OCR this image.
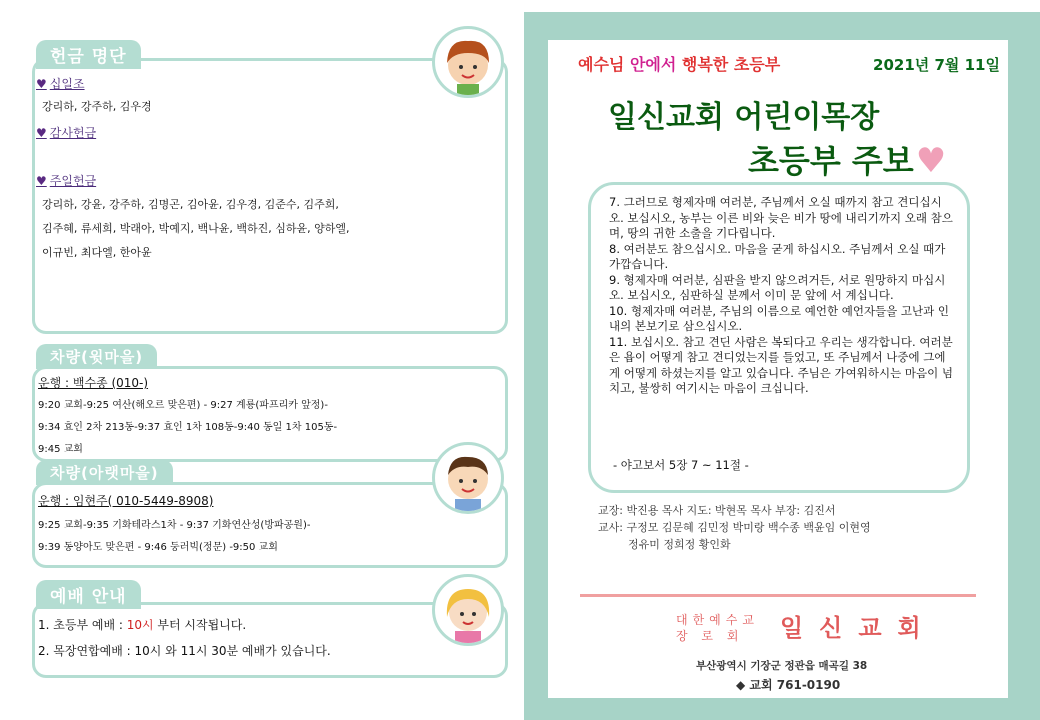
헌금 명단
♥ 십일조
강리하, 강주하, 김우경
♥ 감사헌금
♥ 주일헌금
강리하, 강윤, 강주하, 김명곤, 김아윤, 김우경, 김준수, 김주희,
김주혜, 류세희, 박래아, 박예지, 백나윤, 백하진, 심하윤, 양하엘,
이규빈, 최다엘, 한아윤
차량(윗마을)
운행 : 백수종 (010-)
9:20 교회-9:25 여산(해오르 맞은편) - 9:27 계룡(파프리카 앞정)-
9:34 효인 2차 213동-9:37 효인 1차 108동-9:40 동일 1차 105동-
9:45 교회
차량(아랫마을)
운행 : 임현주( 010-5449-8908)
9:25 교회-9:35 기화테라스1차 - 9:37 기화연산성(방파공원)-
9:39 동양아도 맞은편 - 9:46 둥러빅(정문) -9:50 교회
예배 안내
1. 초등부 예배 : 10시 부터 시작됩니다.
2. 목장연합예배 : 10시 와 11시 30분 예배가 있습니다.
예수님 안에서 행복한 초등부	2021년 7월 11일
일신교회 어린이목장
초등부 주보♥
7. 그러므로 형제자매 여러분, 주님께서 오실 때까지 참고 견디십시오. 보십시오, 농부는 이른 비와 늦은 비가 땅에 내리기까지 오래 참으며, 땅의 귀한 소출을 기다립니다.
8. 여러분도 참으십시오. 마음을 굳게 하십시오. 주님께서 오실 때가 가깝습니다.
9. 형제자매 여러분, 심판을 받지 않으려거든, 서로 원망하지 마십시오. 보십시오, 심판하실 분께서 이미 문 앞에 서 계십니다.
10. 형제자매 여러분, 주님의 이름으로 예언한 예언자들을 고난과 인내의 본보기로 삼으십시오.
11. 보십시오. 참고 견딘 사람은 복되다고 우리는 생각합니다. 여러분은 욥이 어떻게 참고 견디었는지를 들었고, 또 주님께서 나중에 그에게 어떻게 하셨는지를 알고 있습니다. 주님은 가여워하시는 마음이 넘치고, 불쌍히 여기시는 마음이 크십니다.
- 야고보서 5장 7 ~ 11절 -
교장: 박진용 목사 지도: 박현목 목사 부장: 김진서
교사: 구정모 김문혜 김민정 박미랑 백수종 백윤임 이현영
정유미 정희정 황인화
대한예수교
장 로 회	일신교회
부산광역시 기장군 정관읍 매곡길 38
◆ 교회 761-0190
